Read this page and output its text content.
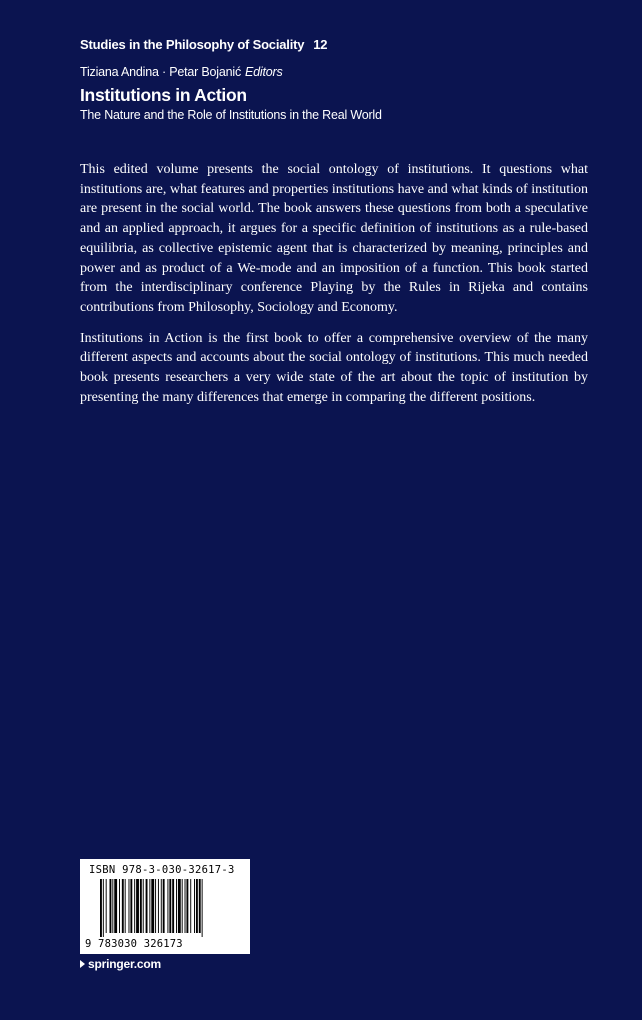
Studies in the Philosophy of Sociality 12
Tiziana Andina · Petar Bojanić Editors
Institutions in Action
The Nature and the Role of Institutions in the Real World

This edited volume presents the social ontology of institutions. It questions what institutions are, what features and properties institutions have and what kinds of institution are present in the social world. The book answers these questions from both a speculative and an applied approach, it argues for a specific definition of institutions as a rule-based equilibria, as collective epistemic agent that is characterized by meaning, principles and power and as product of a We-mode and an imposition of a function. This book started from the interdisciplinary conference Playing by the Rules in Rijeka and contains contributions from Philosophy, Sociology and Economy.

Institutions in Action is the first book to offer a comprehensive overview of the many different aspects and accounts about the social ontology of institutions. This much needed book presents researchers a very wide state of the art about the topic of institution by presenting the many differences that emerge in comparing the different positions.

ISBN 978-3-030-32617-3
9 783030 326173
springer.com
